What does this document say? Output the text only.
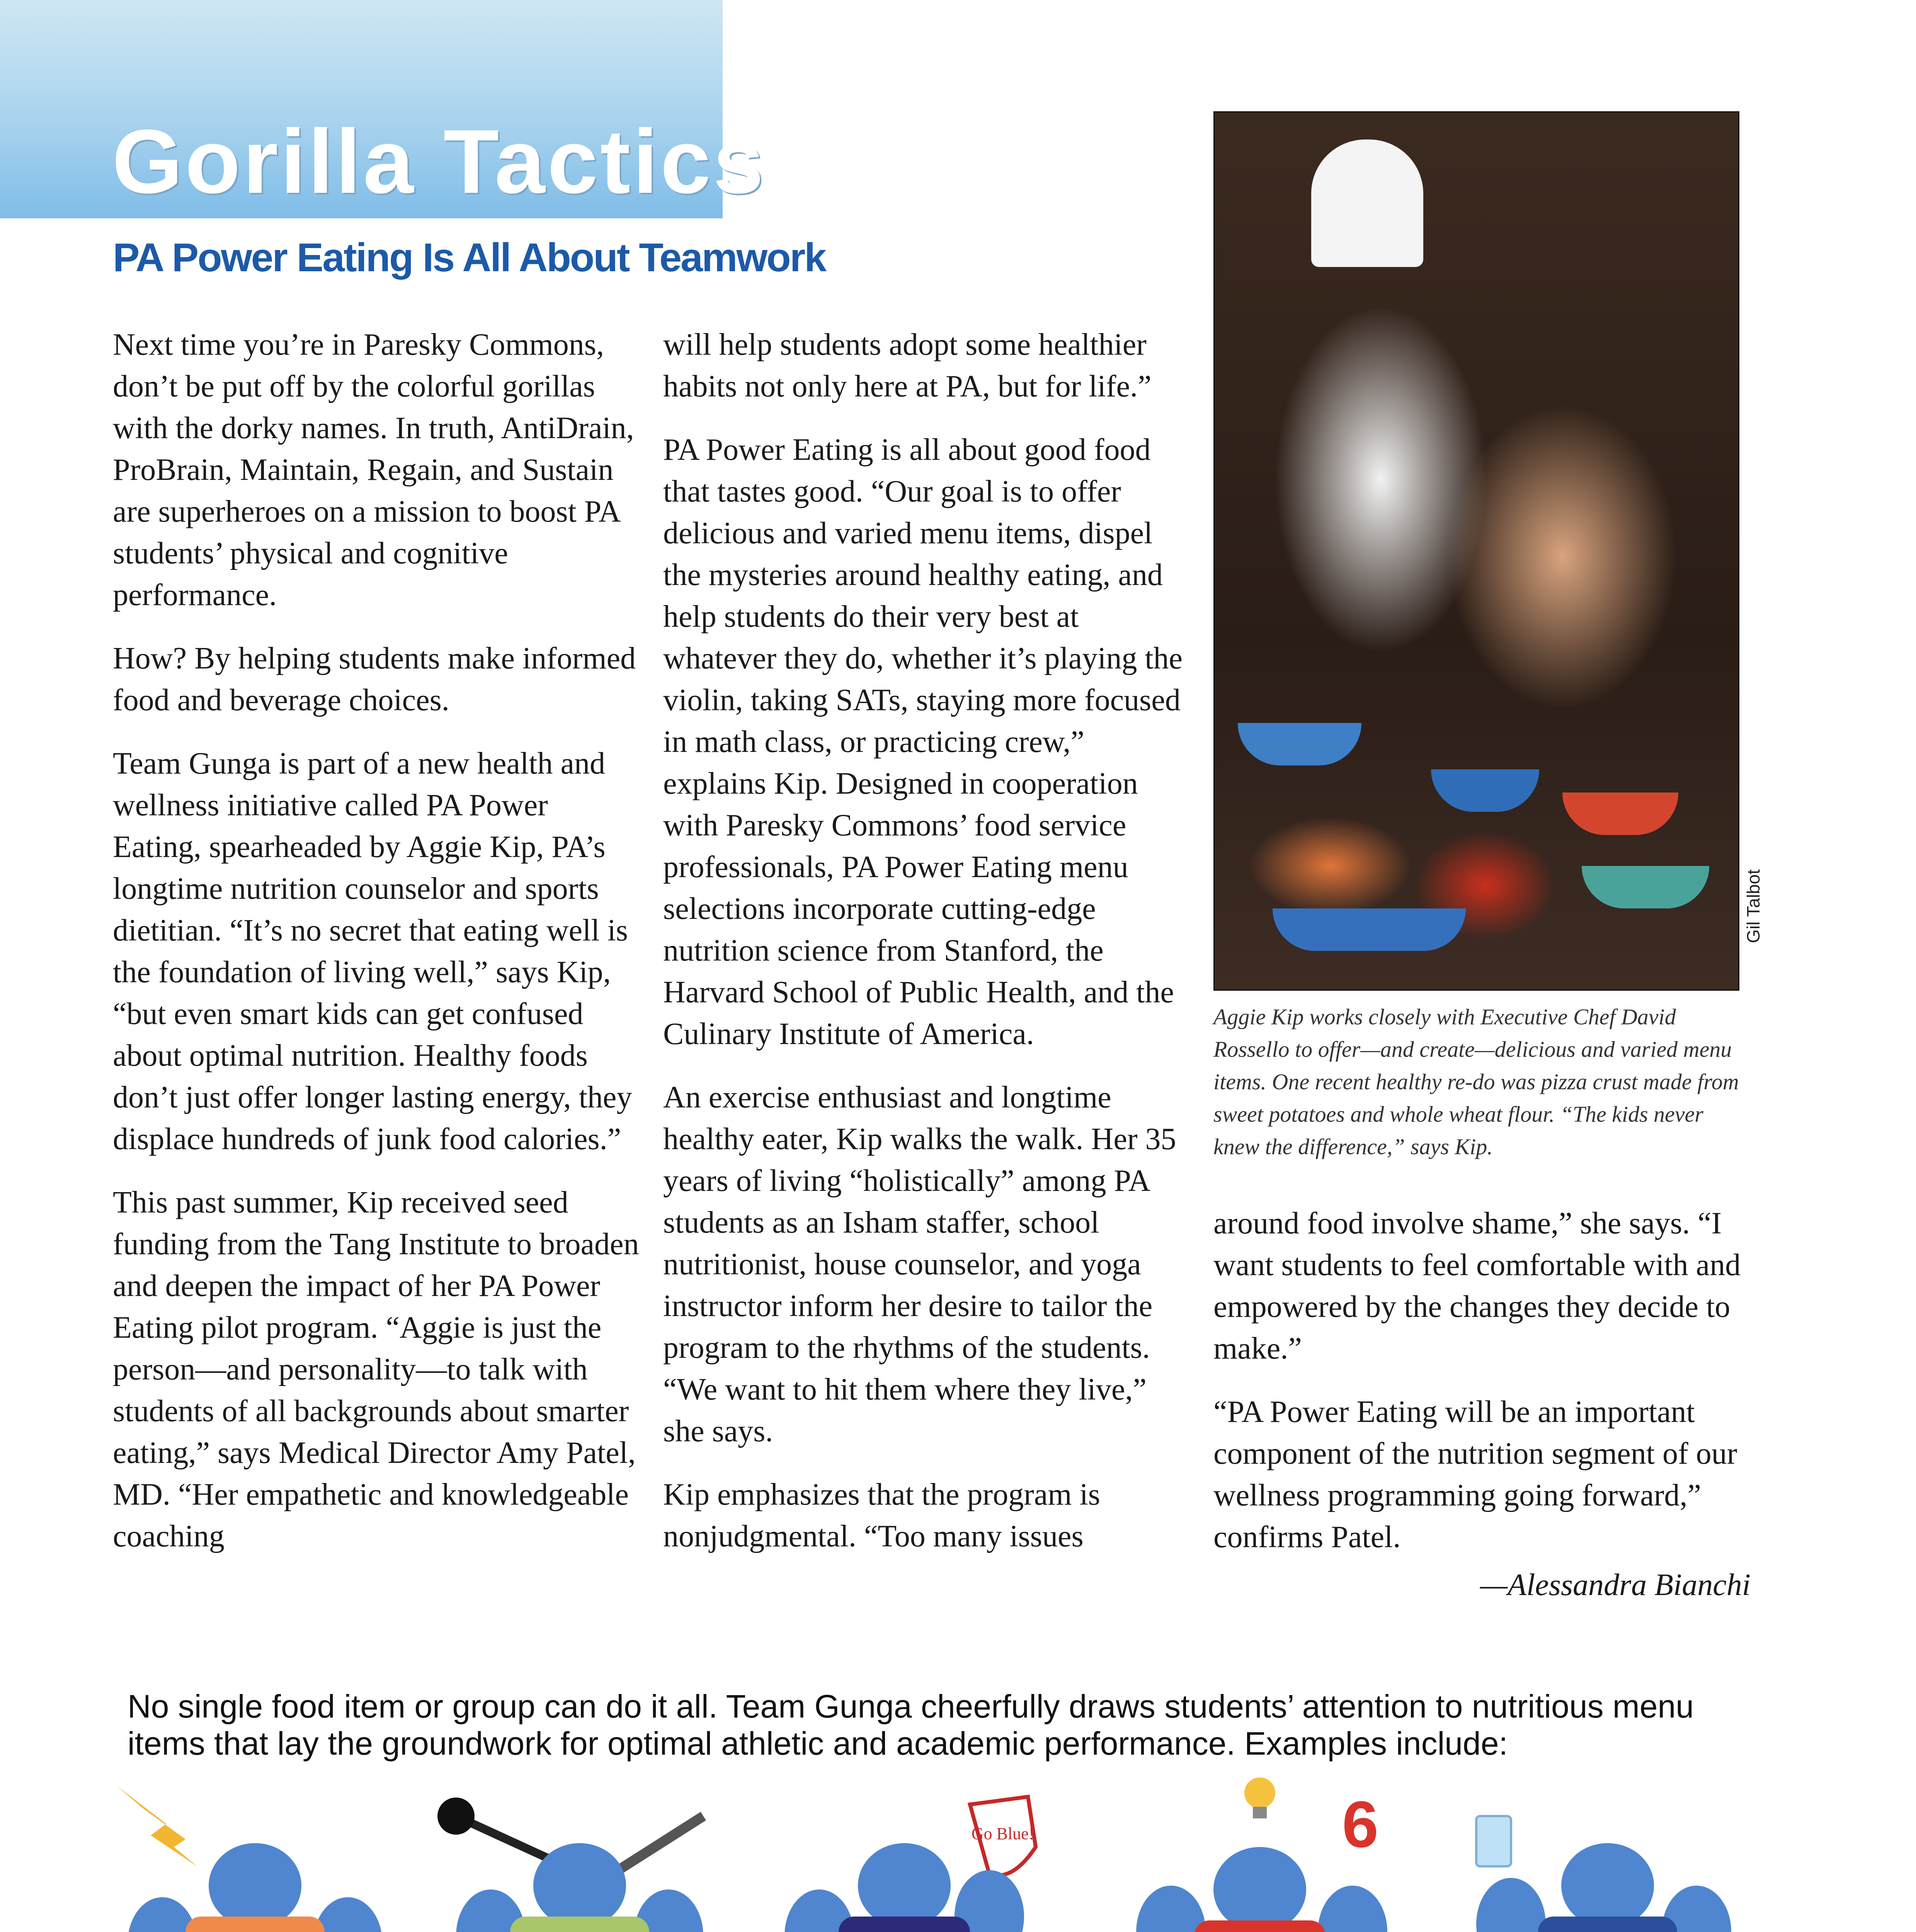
Gorilla Tactics
PA Power Eating Is All About Teamwork

Next time you’re in Paresky Commons, don’t be put off by the colorful gorillas with the dorky names. In truth, AntiDrain, ProBrain, Maintain, Regain, and Sustain are superheroes on a mission to boost PA students’ physical and cognitive performance.

How? By helping students make informed food and beverage choices.

Team Gunga is part of a new health and wellness initiative called PA Power Eating, spearheaded by Aggie Kip, PA’s longtime nutrition counselor and sports dietitian. “It’s no secret that eating well is the foundation of living well,” says Kip, “but even smart kids can get confused about optimal nutrition. Healthy foods don’t just offer longer lasting energy, they displace hundreds of junk food calories.”

This past summer, Kip received seed funding from the Tang Institute to broaden and deepen the impact of her PA Power Eating pilot program. “Aggie is just the person—and personality—to talk with students of all backgrounds about smarter eating,” says Medical Director Amy Patel, MD. “Her empathetic and knowledgeable coaching

will help students adopt some healthier habits not only here at PA, but for life.”

PA Power Eating is all about good food that tastes good. “Our goal is to offer delicious and varied menu items, dispel the mysteries around healthy eating, and help students do their very best at whatever they do, whether it’s playing the violin, taking SATs, staying more focused in math class, or practicing crew,” explains Kip. Designed in cooperation with Paresky Commons’ food service professionals, PA Power Eating menu selections incorporate cutting-edge nutrition science from Stanford, the Harvard School of Public Health, and the Culinary Institute of America.

An exercise enthusiast and longtime healthy eater, Kip walks the walk. Her 35 years of living “holistically” among PA students as an Isham staffer, school nutritionist, house counselor, and yoga instructor inform her desire to tailor the program to the rhythms of the students. “We want to hit them where they live,” she says.

Kip emphasizes that the program is nonjudgmental. “Too many issues

Gil Talbot

Aggie Kip works closely with Executive Chef David Rossello to offer—and create—delicious and varied menu items. One recent healthy re-do was pizza crust made from sweet potatoes and whole wheat flour. “The kids never knew the difference,” says Kip.

around food involve shame,” she says. “I want students to feel comfortable with and empowered by the changes they decide to make.”

“PA Power Eating will be an important component of the nutrition segment of our wellness programming going forward,” confirms Patel.

—Alessandra Bianchi

No single food item or group can do it all. Team Gunga cheerfully draws students’ attention to nutritious menu items that lay the groundwork for optimal athletic and academic performance. Examples include:

Go Blue!	6
